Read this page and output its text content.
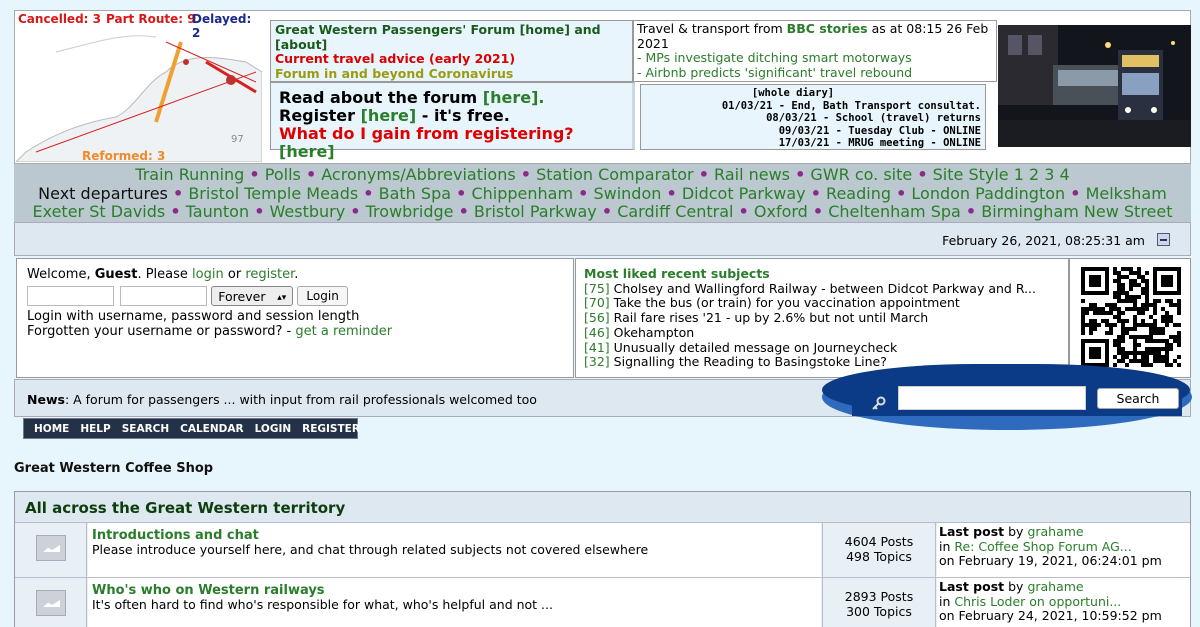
Cancelled: 3 Part Route: 9
Delayed: 2
Reformed: 3
97
Great Western Passengers' Forum [home] and [about]
Current travel advice (early 2021)
Forum in and beyond Coronavirus
Travel & transport from BBC stories as at 08:15 26 Feb 2021
- MPs investigate ditching smart motorways
- Airbnb predicts 'significant' travel rebound
Read about the forum [here].
Register [here] - it's free.
What do I gain from registering? [here]
[whole diary]
01/03/21 - End, Bath Transport consultat.
08/03/21 - School (travel) returns
09/03/21 - Tuesday Club - ONLINE
17/03/21 - MRUG meeting - ONLINE
Train Running • Polls • Acronyms/Abbreviations • Station Comparator • Rail news • GWR co. site • Site Style 1 2 3 4
Next departures • Bristol Temple Meads • Bath Spa • Chippenham • Swindon • Didcot Parkway • Reading • London Paddington • Melksham
Exeter St Davids • Taunton • Westbury • Trowbridge • Bristol Parkway • Cardiff Central • Oxford • Cheltenham Spa • Birmingham New Street
February 26, 2021, 08:25:31 am
Welcome, Guest. Please login or register.
Forever ▴▾ Login
Login with username, password and session length
Forgotten your username or password? - get a reminder
Most liked recent subjects
[75] Cholsey and Wallingford Railway - between Didcot Parkway and R...
[70] Take the bus (or train) for you vaccination appointment
[56] Rail fare rises '21 - up by 2.6% but not until March
[46] Okehampton
[41] Unusually detailed message on Journeycheck
[32] Signalling the Reading to Basingstoke Line?
News: A forum for passengers ... with input from rail professionals welcomed too	Search
HOME HELP SEARCH CALENDAR LOGIN REGISTER
Great Western Coffee Shop
All across the Great Western territory
Introductions and chat
Please introduce yourself here, and chat through related subjects not covered elsewhere
4604 Posts
498 Topics
Last post by grahame
in Re: Coffee Shop Forum AG...
on February 19, 2021, 06:24:01 pm
Who's who on Western railways
It's often hard to find who's responsible for what, who's helpful and not ...
2893 Posts
300 Topics
Last post by grahame
in Chris Loder on opportuni...
on February 24, 2021, 10:59:52 pm
